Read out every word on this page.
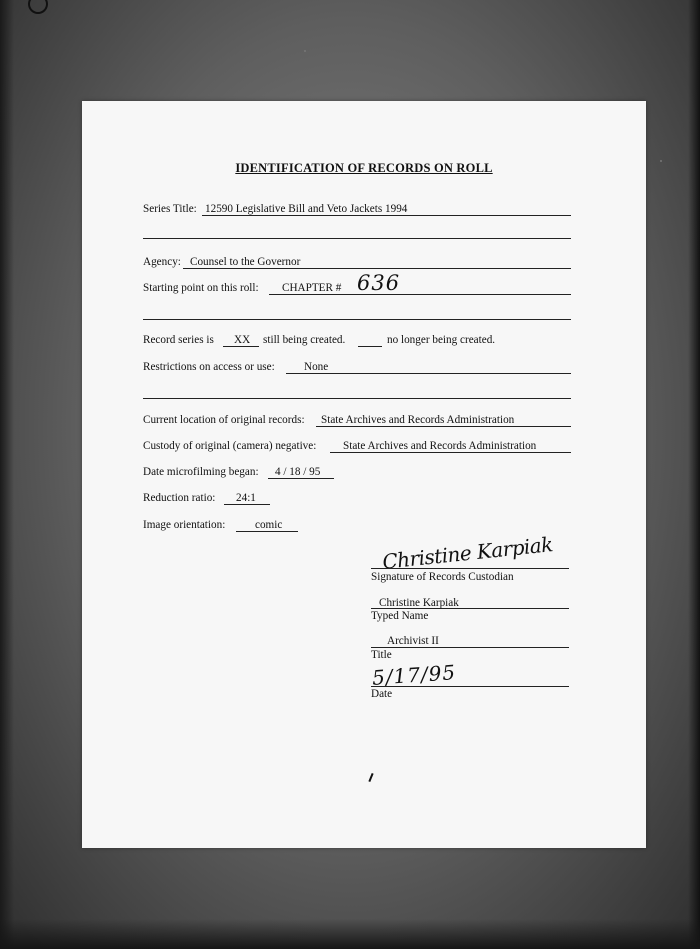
IDENTIFICATION OF RECORDS ON ROLL
Series Title: 12590 Legislative Bill and Veto Jackets 1994
Agency: Counsel to the Governor
Starting point on this roll: CHAPTER # 636
Record series is XX still being created.	no longer being created.
Restrictions on access or use:	None
Current location of original records: State Archives and Records Administration
Custody of original (camera) negative: State Archives and Records Administration
Date microfilming began: 4 / 18 / 95
Reduction ratio: 24:1
Image orientation:	comic
Christine Karpiak
Signature of Records Custodian
Christine Karpiak
Typed Name
Archivist II
Title
5/17/95
Date
